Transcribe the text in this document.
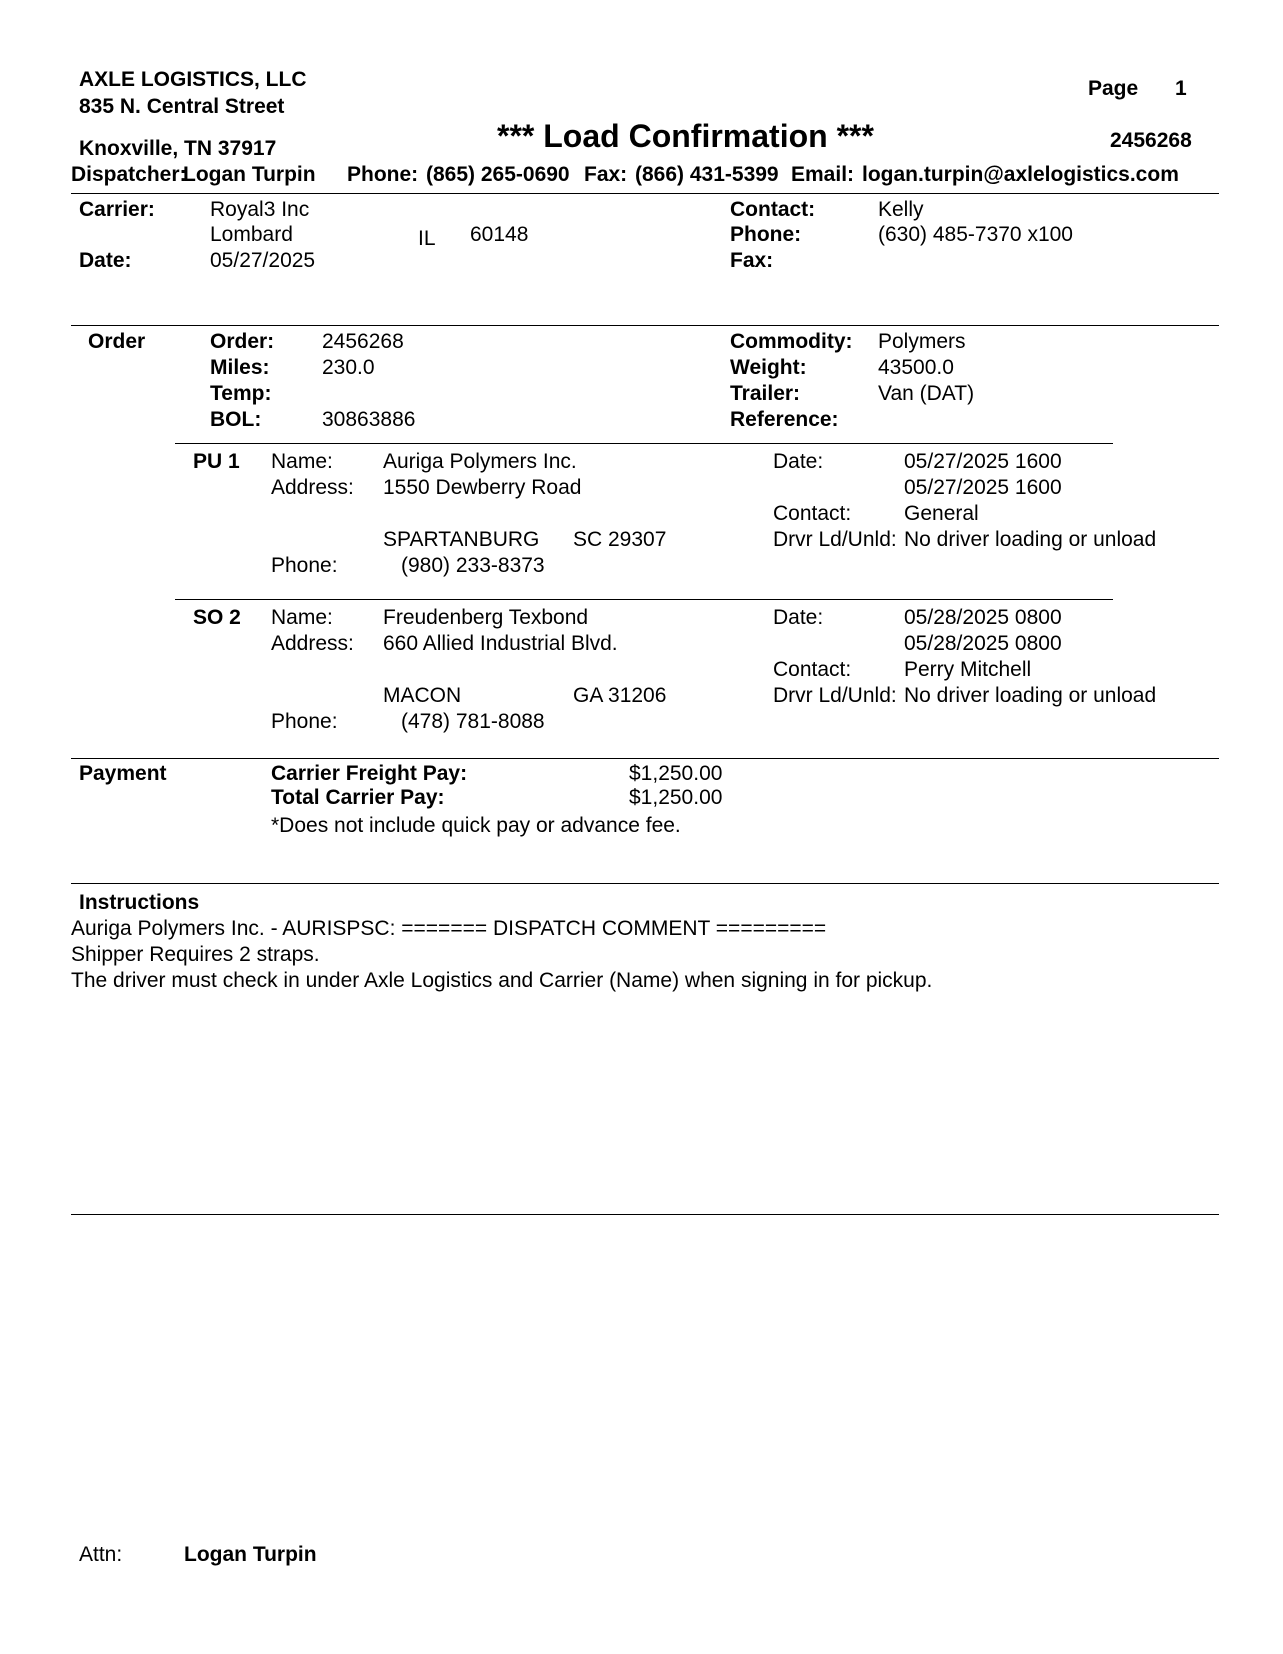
AXLE LOGISTICS, LLC
835 N. Central Street
Knoxville, TN 37917
Page 1
*** Load Confirmation ***	2456268
Dispatcher:
Logan Turpin Phone: (865) 265-0690 Fax: (866) 431-5399 Email: logan.turpin@axlelogistics.com
Carrier:	Royal3 Inc
Lombard	IL 60148
Date:	05/27/2025
Contact:	Kelly
Phone:	(630) 485-7370 x100
Fax:
Order	Order: 2456268
Miles: 230.0
Temp:
BOL:	30863886
Commodity: Polymers
Weight:	43500.0
Trailer:	Van (DAT)
Reference:
PU 1 Name: Auriga Polymers Inc.
Address: 1550 Dewberry Road
SPARTANBURG SC 29307
Phone:	(980) 233-8373
Date:	05/27/2025 1600
05/27/2025 1600
Contact:	General
Drvr Ld/Unld: No driver loading or unload
SO 2 Name: Freudenberg Texbond
Address: 660 Allied Industrial Blvd.
MACON	GA 31206
Phone:	(478) 781-8088
Date:	05/28/2025 0800
05/28/2025 0800
Contact:	Perry Mitchell
Drvr Ld/Unld: No driver loading or unload
Payment	Carrier Freight Pay:	$1,250.00
Total Carrier Pay:	$1,250.00
*Does not include quick pay or advance fee.
Instructions
Auriga Polymers Inc. - AURISPSC: ======= DISPATCH COMMENT =========
Shipper Requires 2 straps.
The driver must check in under Axle Logistics and Carrier (Name) when signing in for pickup.
Attn:	Logan Turpin
